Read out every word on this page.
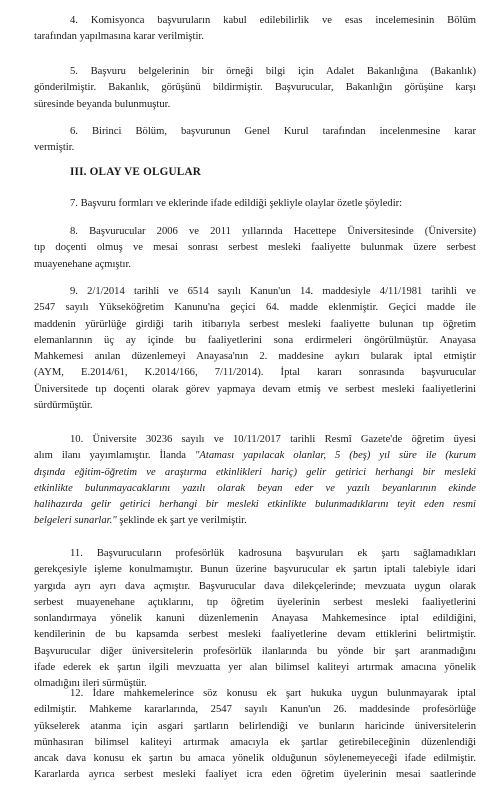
4. Komisyonca başvuruların kabul edilebilirlik ve esas incelemesinin Bölüm
tarafından yapılmasına karar verilmiştir.
5. Başvuru belgelerinin bir örneği bilgi için Adalet Bakanlığına (Bakanlık)
gönderilmiştir. Bakanlık, görüşünü bildirmiştir. Başvurucular, Bakanlığın görüşüne karşı
süresinde beyanda bulunmuştur.
6. Birinci Bölüm, başvurunun Genel Kurul tarafından incelenmesine karar
vermiştir.
III. OLAY VE OLGULAR
7. Başvuru formları ve eklerinde ifade edildiği şekliyle olaylar özetle şöyledir:
8. Başvurucular 2006 ve 2011 yıllarında Hacettepe Üniversitesinde (Üniversite)
tıp doçenti olmuş ve mesai sonrası serbest mesleki faaliyette bulunmak üzere serbest
muayenehane açmıştır.
9. 2/1/2014 tarihli ve 6514 sayılı Kanun'un 14. maddesiyle 4/11/1981 tarihli ve
2547 sayılı Yükseköğretim Kanunu'na geçici 64. madde eklenmiştir. Geçici madde ile
maddenin yürürlüğe girdiği tarih itibarıyla serbest mesleki faaliyette bulunan tıp öğretim
elemanlarının üç ay içinde bu faaliyetlerini sona erdirmeleri öngörülmüştür. Anayasa
Mahkemesi anılan düzenlemeyi Anayasa'nın 2. maddesine aykırı bularak iptal etmiştir
(AYM, E.2014/61, K.2014/166, 7/11/2014). İptal kararı sonrasında başvurucular
Üniversitede tıp doçenti olarak görev yapmaya devam etmiş ve serbest mesleki faaliyetlerini
sürdürmüştür.
10. Üniversite 30236 sayılı ve 10/11/2017 tarihli Resmî Gazete'de öğretim üyesi
alım ilanı yayımlamıştır. İlanda "Ataması yapılacak olanlar, 5 (beş) yıl süre ile (kurum
dışında eğitim-öğretim ve araştırma etkinlikleri hariç) gelir getirici herhangi bir mesleki
etkinlikte bulunmayacaklarını yazılı olarak beyan eder ve yazılı beyanlarının ekinde
halihazırda gelir getirici herhangi bir mesleki etkinlikte bulunmadıklarını teyit eden resmi
belgeleri sunarlar." şeklinde ek şart ye verilmiştir.
11. Başvurucuların profesörlük kadrosuna başvuruları ek şartı sağlamadıkları
gerekçesiyle işleme konulmamıştır. Bunun üzerine başvurucular ek şartın iptali talebiyle idari
yargıda ayrı ayrı dava açmıştır. Başvurucular dava dilekçelerinde; mevzuata uygun olarak
serbest muayenehane açtıklarını, tıp öğretim üyelerinin serbest mesleki faaliyetlerini
sonlandırmaya yönelik kanuni düzenlemenin Anayasa Mahkemesince iptal edildiğini,
kendilerinin de bu kapsamda serbest mesleki faaliyetlerine devam ettiklerini belirtmiştir.
Başvurucular diğer üniversitelerin profesörlük ilanlarında bu yönde bir şart aranmadığını
ifade ederek ek şartın ilgili mevzuatta yer alan bilimsel kaliteyi artırmak amacına yönelik
olmadığını ileri sürmüştür.
12. İdare mahkemelerince söz konusu ek şart hukuka uygun bulunmayarak iptal
edilmiştir. Mahkeme kararlarında, 2547 sayılı Kanun'un 26. maddesinde profesörlüğe
yükselerek atanma için asgari şartların belirlendiği ve bunların haricinde üniversitelerin
münhasıran bilimsel kaliteyi artırmak amacıyla ek şartlar getirebileceğinin düzenlendiği
ancak dava konusu ek şartın bu amaca yönelik olduğunun söylenemeyeceği ifade edilmiştir.
Kararlarda ayrıca serbest mesleki faaliyet icra eden öğretim üyelerinin mesai saatlerinde
